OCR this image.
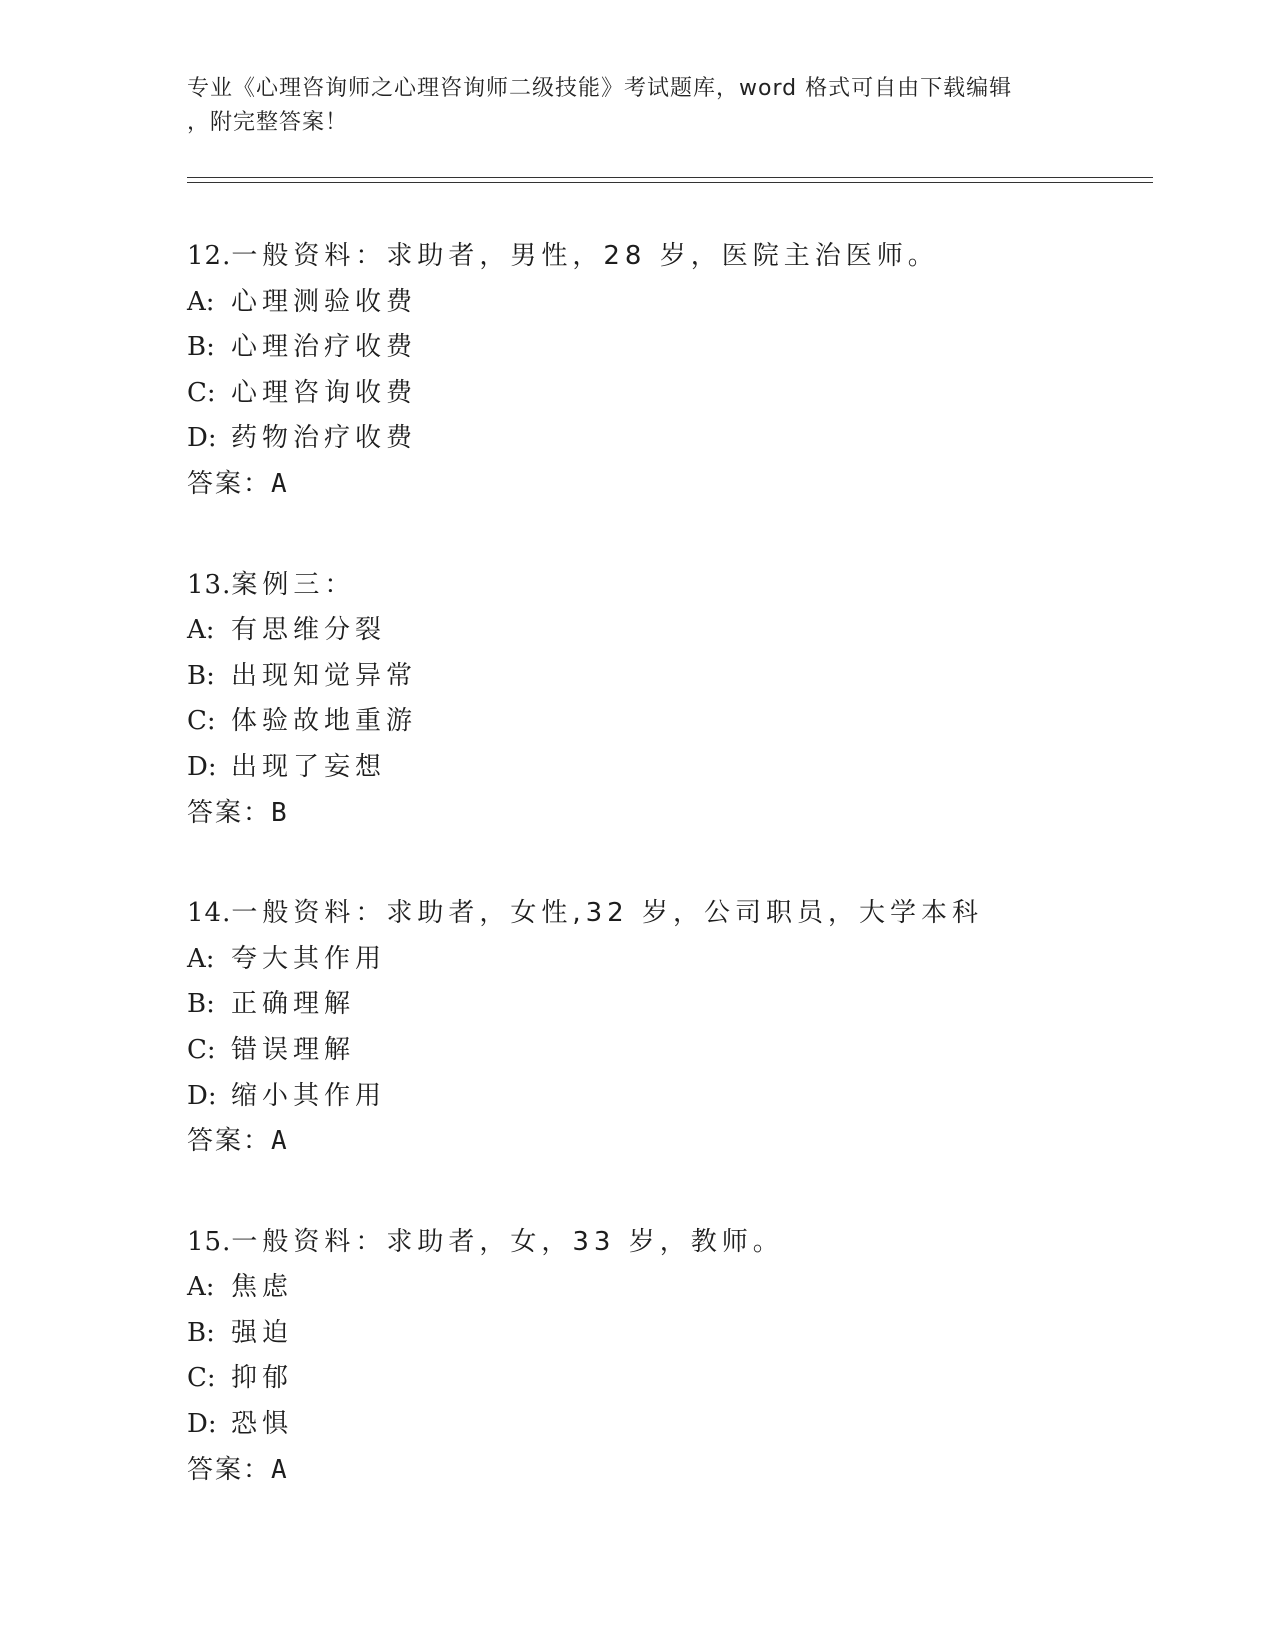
专业《心理咨询师之心理咨询师二级技能》考试题库，word 格式可自由下载编辑
，附完整答案！
12.一般资料：求助者，男性，28 岁，医院主治医师。
A: 心理测验收费
B: 心理治疗收费
C: 心理咨询收费
D: 药物治疗收费
答案：A
13.案例三：
A: 有思维分裂
B: 出现知觉异常
C: 体验故地重游
D: 出现了妄想
答案：B
14.一般资料：求助者，女性,32 岁，公司职员，大学本科
A: 夸大其作用
B: 正确理解
C: 错误理解
D: 缩小其作用
答案：A
15.一般资料：求助者，女，33 岁，教师。
A: 焦虑
B: 强迫
C: 抑郁
D: 恐惧
答案：A
